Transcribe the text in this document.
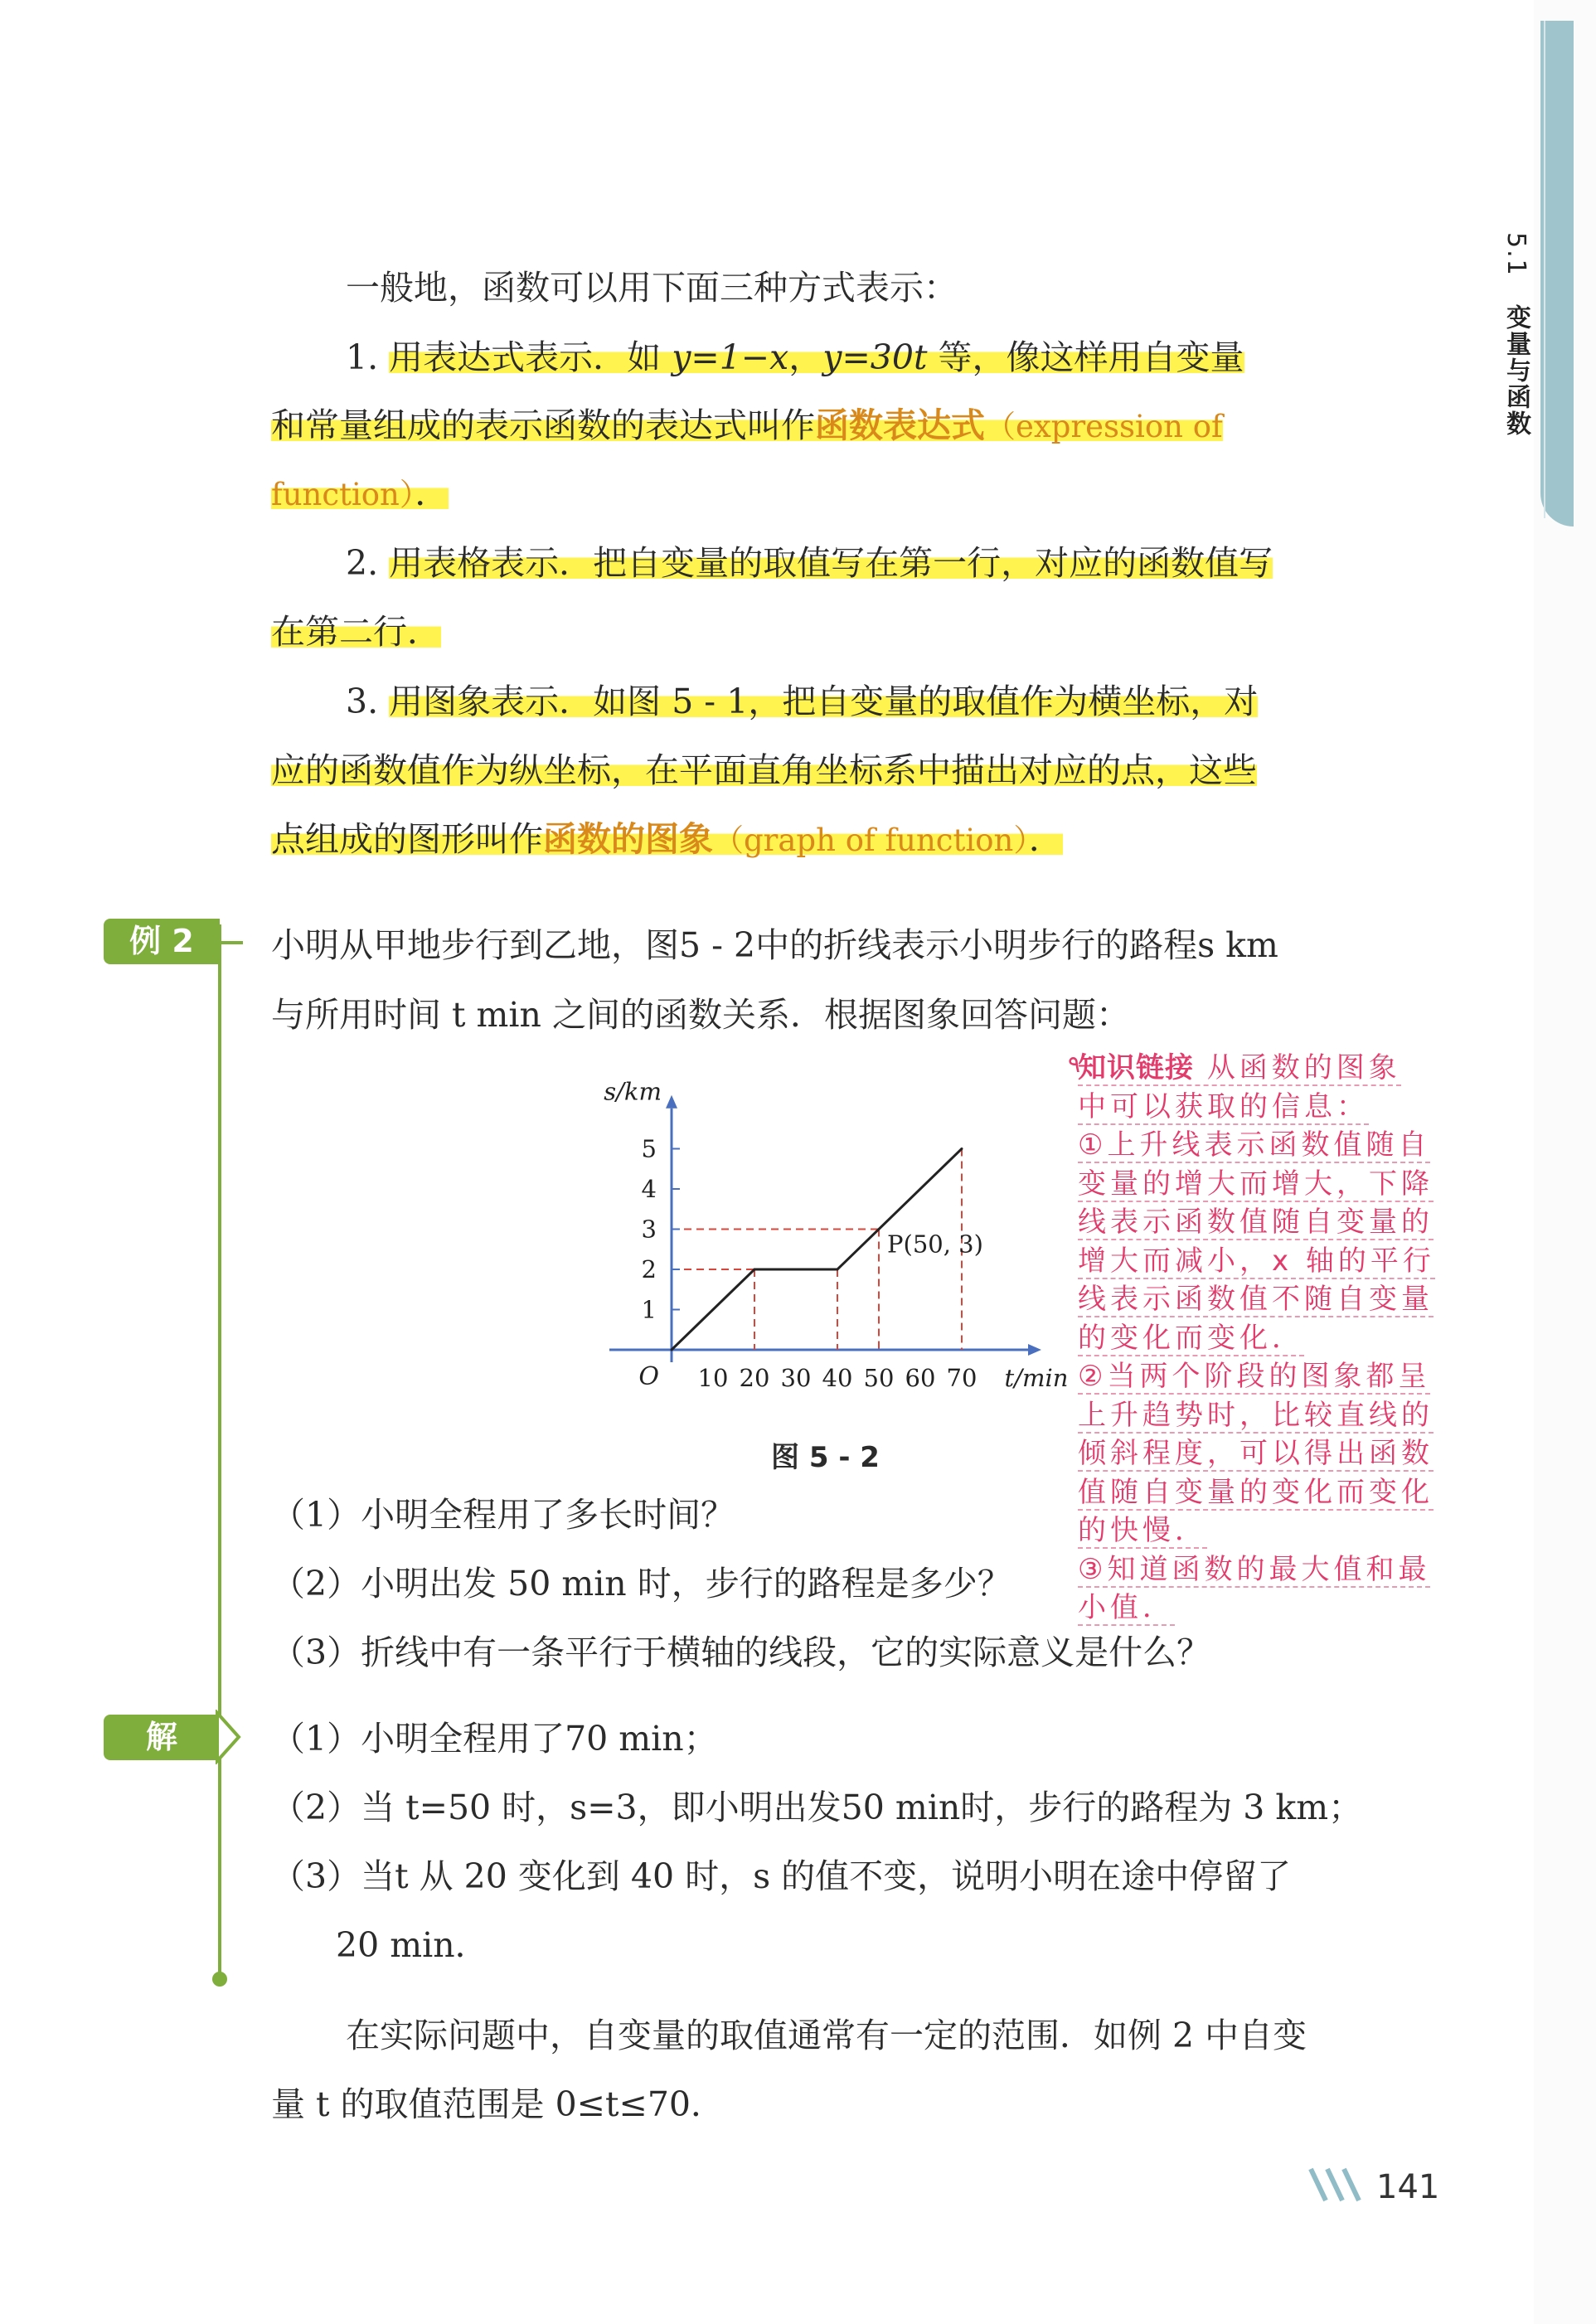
5.1 变量与函数

一般地，函数可以用下面三种方式表示：

1. 用表达式表示．如 y=1−x，y=30t 等，像这样用自变量

和常量组成的表示函数的表达式叫作函数表达式（expression of

function）．

2. 用表格表示．把自变量的取值写在第一行，对应的函数值写

在第二行．

3. 用图象表示．如图 5 - 1，把自变量的取值作为横坐标，对

应的函数值作为纵坐标，在平面直角坐标系中描出对应的点，这些

点组成的图形叫作函数的图象（graph of function）．

例 2	小明从甲地步行到乙地，图5 - 2中的折线表示小明步行的路程s km

与所用时间 t min 之间的函数关系．根据图象回答问题：

10 20 30 40 50 60 70
1
2
3
4
5
O
s/km
t/min
P(50, 3)
图 5 - 2
٩

知识链接 从函数的图象

中可以获取的信息：

①上升线表示函数值随自

变量的增大而增大，下降

线表示函数值随自变量的

增大而减小，x 轴的平行

线表示函数值不随自变量

的变化而变化．

②当两个阶段的图象都呈

上升趋势时，比较直线的

倾斜程度，可以得出函数

值随自变量的变化而变化

的快慢．

③知道函数的最大值和最

小值．

（1）小明全程用了多长时间？

（2）小明出发 50 min 时，步行的路程是多少？

（3）折线中有一条平行于横轴的线段，它的实际意义是什么？

解	（1）小明全程用了70 min；

（2）当 t=50 时，s=3，即小明出发50 min时，步行的路程为 3 km；

（3）当t 从 20 变化到 40 时，s 的值不变，说明小明在途中停留了

20 min．

在实际问题中，自变量的取值通常有一定的范围．如例 2 中自变

量 t 的取值范围是 0≤t≤70．

141
